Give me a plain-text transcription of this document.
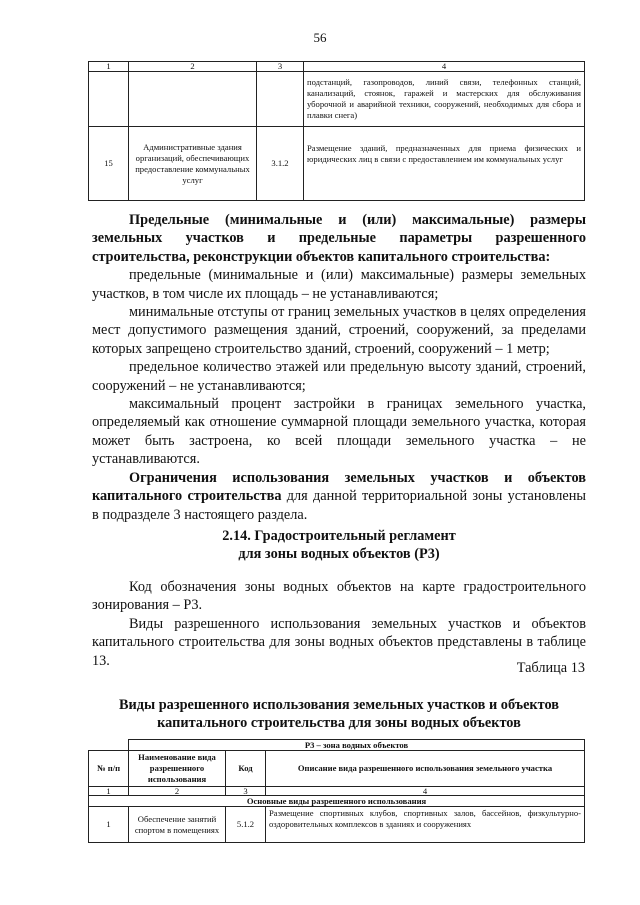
56
1	2	3	4
			подстанций, газопроводов, линий связи, телефонных станций, канализаций, стоянок, гаражей и мастерских для обслуживания уборочной и аварийной техники, сооружений, необходимых для сбора и плавки снега)
15	Административные здания организаций, обеспечивающих предоставление коммунальных услуг	3.1.2	Размещение зданий, предназначенных для приема физических и юридических лиц в связи с предоставлением им коммунальных услуг

Предельные (минимальные и (или) максимальные) размеры земельных участков и предельные параметры разрешенного строительства, реконструкции объектов капитального строительства:

предельные (минимальные и (или) максимальные) размеры земельных участков, в том числе их площадь – не устанавливаются;

минимальные отступы от границ земельных участков в целях определения мест допустимого размещения зданий, строений, сооружений, за пределами которых запрещено строительство зданий, строений, сооружений – 1 метр;

предельное количество этажей или предельную высоту зданий, строений, сооружений – не устанавливаются;

максимальный процент застройки в границах земельного участка, определяемый как отношение суммарной площади земельного участка, которая может быть застроена, ко всей площади земельного участка – не устанавливаются.

Ограничения использования земельных участков и объектов капитального строительства для данной территориальной зоны установлены в подразделе 3 настоящего раздела.

2.14. Градостроительный регламент
для зоны водных объектов (Р3)

Код обозначения зоны водных объектов на карте градостроительного зонирования – Р3.

Виды разрешенного использования земельных участков и объектов капитального строительства для зоны водных объектов представлены в таблице 13.	Таблица 13
Виды разрешенного использования земельных участков и объектов
капитального строительства для зоны водных объектов
	Р3 – зона водных объектов		
№ п/п	Наименование вида разрешенного использования	Код	Описание вида разрешенного использования земельного участка
1	2	3	4
Основные виды разрешенного использования			
1	Обеспечение занятий спортом в помещениях	5.1.2	Размещение спортивных клубов, спортивных залов, бассейнов, физкультурно-оздоровительных комплексов в зданиях и сооружениях
